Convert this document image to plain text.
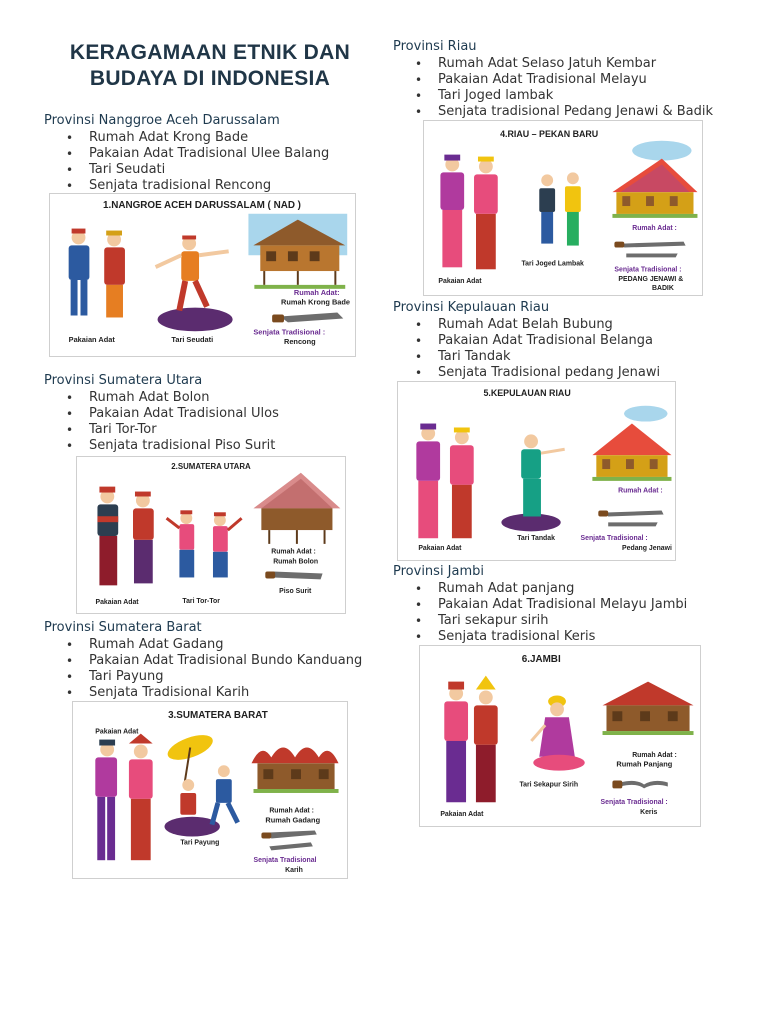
KERAGAMAAN ETNIK DAN
BUDAYA DI INDONESIA
Provinsi Nanggroe Aceh Darussalam
• Rumah Adat Krong Bade
• Pakaian Adat Tradisional Ulee Balang
• Tari Seudati
• Senjata tradisional Rencong
1.NANGROE ACEH DARUSSALAM ( NAD )
Rumah Adat:
Rumah Krong Bade
Senjata Tradisional :
Rencong
Pakaian Adat	Tari Seudati
Provinsi Sumatera Utara
• Rumah Adat Bolon
• Pakaian Adat Tradisional Ulos
• Tari Tor-Tor
• Senjata tradisional Piso Surit
2.SUMATERA UTARA
Rumah Adat :
Rumah Bolon
Piso Surit
Pakaian Adat	Tari Tor-Tor
Provinsi Sumatera Barat
• Rumah Adat Gadang
• Pakaian Adat Tradisional Bundo Kanduang
• Tari Payung
• Senjata Tradisional Karih
3.SUMATERA BARAT
Pakaian Adat
Rumah Adat :
Rumah Gadang
Senjata Tradisional
Karih
Tari Payung
Provinsi Riau
• Rumah Adat Selaso Jatuh Kembar
• Pakaian Adat Tradisional Melayu
• Tari Joged lambak
• Senjata tradisional Pedang Jenawi & Badik
4.RIAU – PEKAN BARU
Tari Joged Lambak
Rumah Adat :
Senjata Tradisional :
PEDANG JENAWI &
BADIK
Pakaian Adat
Provinsi Kepulauan Riau
• Rumah Adat Belah Bubung
• Pakaian Adat Tradisional Belanga
• Tari Tandak
• Senjata Tradisional pedang Jenawi
5.KEPULAUAN RIAU
Tari Tandak
Rumah Adat :
Senjata Tradisional :
Pedang Jenawi
Pakaian Adat
Provinsi Jambi
• Rumah Adat panjang
• Pakaian Adat Tradisional Melayu Jambi
• Tari sekapur sirih
• Senjata tradisional Keris
6.JAMBI
Tari Sekapur Sirih
Rumah Adat :
Rumah Panjang
Senjata Tradisional :
Keris
Pakaian Adat
